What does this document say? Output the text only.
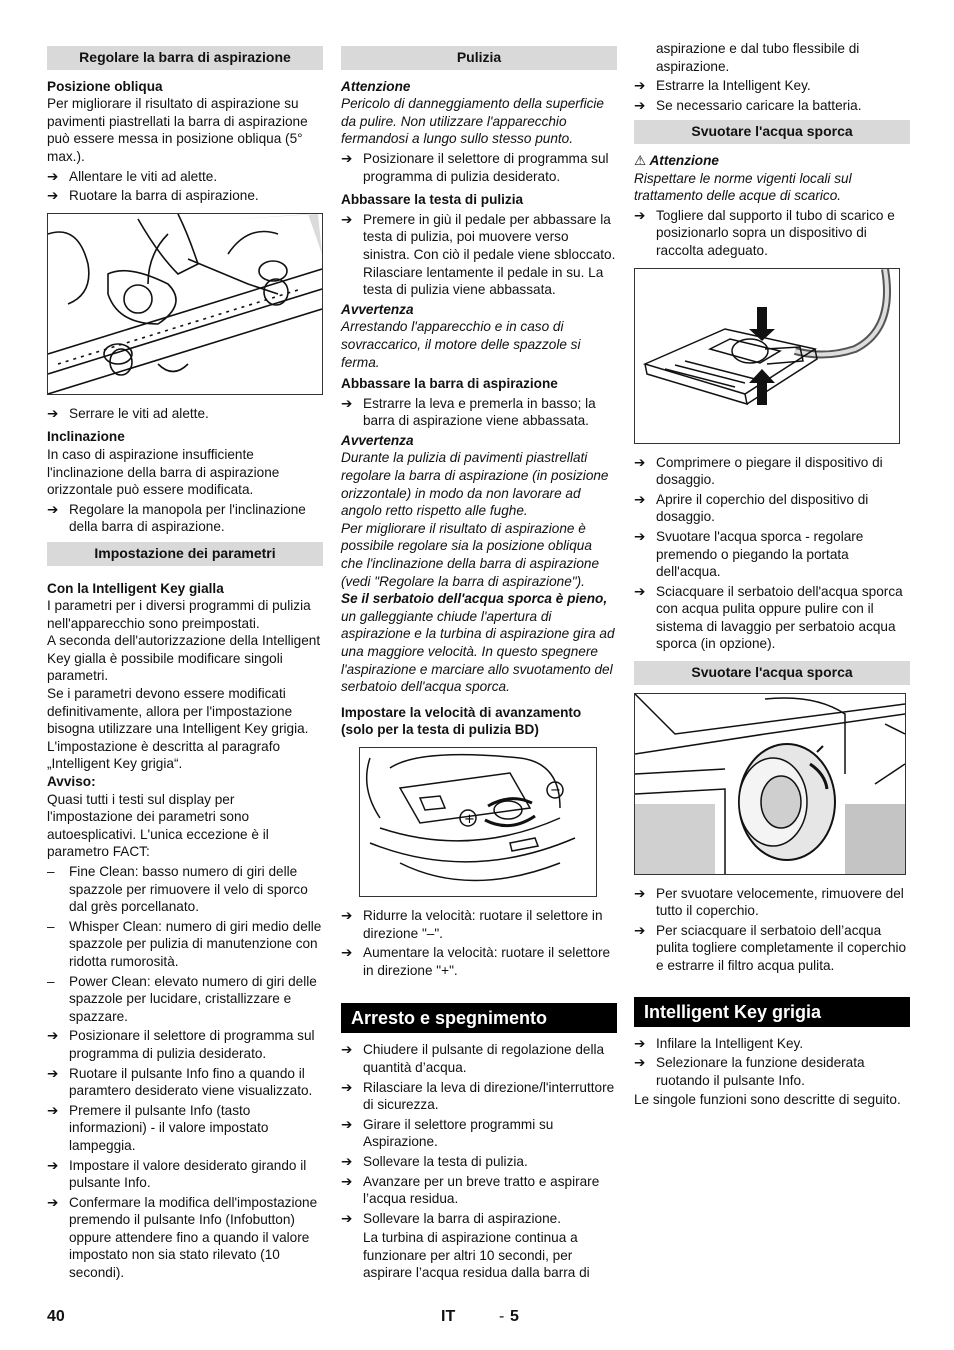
Regolare la barra di aspirazione

Posizione obliqua

Per migliorare il risultato di aspirazione su pavimenti piastrellati la barra di aspirazione può essere messa in posizione obliqua (5° max.).

➔ Allentare le viti ad alette.
➔ Ruotare la barra di aspirazione.
➔ Serrare le viti ad alette.

Inclinazione

In caso di aspirazione insufficiente l'inclinazione della barra di aspirazione orizzontale può essere modificata.

➔ Regolare la manopola per l'inclinazione della barra di aspirazione.
Impostazione dei parametri

Con la Intelligent Key gialla

I parametri per i diversi programmi di pulizia nell'apparecchio sono preimpostati.

A seconda dell'autorizzazione della Intelligent Key gialla è possibile modificare singoli parametri.

Se i parametri devono essere modificati definitivamente, allora per l'impostazione bisogna utilizzare una Intelligent Key grigia. L'impostazione è descritta al paragrafo „Intelligent Key grigia“.

Avviso:

Quasi tutti i testi sul display per l'impostazione dei parametri sono autoesplicativi. L'unica eccezione è il parametro FACT:

– Fine Clean: basso numero di giri delle spazzole per rimuovere il velo di sporco dal grès porcellanato.
– Whisper Clean: numero di giri medio delle spazzole per pulizia di manutenzione con ridotta rumorosità.
– Power Clean: elevato numero di giri delle spazzole per lucidare, cristallizzare e spazzare.
➔ Posizionare il selettore di programma sul programma di pulizia desiderato.
➔ Ruotare il pulsante Info fino a quando il paramtero desiderato viene visualizzato.
➔ Premere il pulsante Info (tasto informazioni) - il valore impostato lampeggia.
➔ Impostare il valore desiderato girando il pulsante Info.
➔ Confermare la modifica dell'impostazione premendo il pulsante Info (Infobutton) oppure attendere fino a quando il valore impostato non sia stato rilevato (10 secondi).
Pulizia

Attenzione

Pericolo di danneggiamento della superficie da pulire. Non utilizzare l'apparecchio fermandosi a lungo sullo stesso punto.

➔ Posizionare il selettore di programma sul programma di pulizia desiderato.

Abbassare la testa di pulizia

➔ Premere in giù il pedale per abbassare la testa di pulizia, poi muovere verso sinistra. Con ciò il pedale viene sbloccato. Rilasciare lentamente il pedale in su. La testa di pulizia viene abbassata.

Avvertenza

Arrestando l'apparecchio e in caso di sovraccarico, il motore delle spazzole si ferma.

Abbassare la barra di aspirazione

➔ Estrarre la leva e premerla in basso; la barra di aspirazione viene abbassata.

Avvertenza

Durante la pulizia di pavimenti piastrellati regolare la barra di aspirazione (in posizione orizzontale) in modo da non lavorare ad angolo retto rispetto alle fughe.

Per migliorare il risultato di aspirazione è possibile regolare sia la posizione obliqua che l'inclinazione della barra di aspirazione (vedi "Regolare la barra di aspirazione").

Se il serbatoio dell'acqua sporca è pieno, un galleggiante chiude l'apertura di aspirazione e la turbina di aspirazione gira ad una maggiore velocità. In questo spegnere l'aspirazione e marciare allo svuotamento del serbatoio dell'acqua sporca.

Impostare la velocità di avanzamento (solo per la testa di pulizia BD)

+
−
➔ Ridurre la velocità: ruotare il selettore in direzione "–".
➔ Aumentare la velocità: ruotare il selettore in direzione "+".
Arresto e spegnimento
➔ Chiudere il pulsante di regolazione della quantità d’acqua.
➔ Rilasciare la leva di direzione/l'interruttore di sicurezza.
➔ Girare il selettore programmi su Aspirazione.
➔ Sollevare la testa di pulizia.
➔ Avanzare per un breve tratto e aspirare l’acqua residua.
➔ Sollevare la barra di aspirazione.

La turbina di aspirazione continua a funzionare per altri 10 secondi, per aspirare l’acqua residua dalla barra di

aspirazione e dal tubo flessibile di aspirazione.

➔ Estrarre la Intelligent Key.
➔ Se necessario caricare la batteria.
Svuotare l'acqua sporca

⚠ Attenzione

Rispettare le norme vigenti locali sul trattamento delle acque di scarico.

➔ Togliere dal supporto il tubo di scarico e posizionarlo sopra un dispositivo di raccolta adeguato.
➔ Comprimere o piegare il dispositivo di dosaggio.
➔ Aprire il coperchio del dispositivo di dosaggio.
➔ Svuotare l'acqua sporca - regolare premendo o piegando la portata dell'acqua.
➔ Sciacquare il serbatoio dell'acqua sporca con acqua pulita oppure pulire con il sistema di lavaggio per serbatoio acqua sporca (in opzione).
Svuotare l'acqua sporca
➔ Per svuotare velocemente, rimuovere del tutto il coperchio.
➔ Per sciacquare il serbatoio dell’acqua pulita togliere completamente il coperchio e estrarre il filtro acqua pulita.
Intelligent Key grigia
➔ Infilare la Intelligent Key.
➔ Selezionare la funzione desiderata ruotando il pulsante Info.

Le singole funzioni sono descritte di seguito.

40	IT	- 5
